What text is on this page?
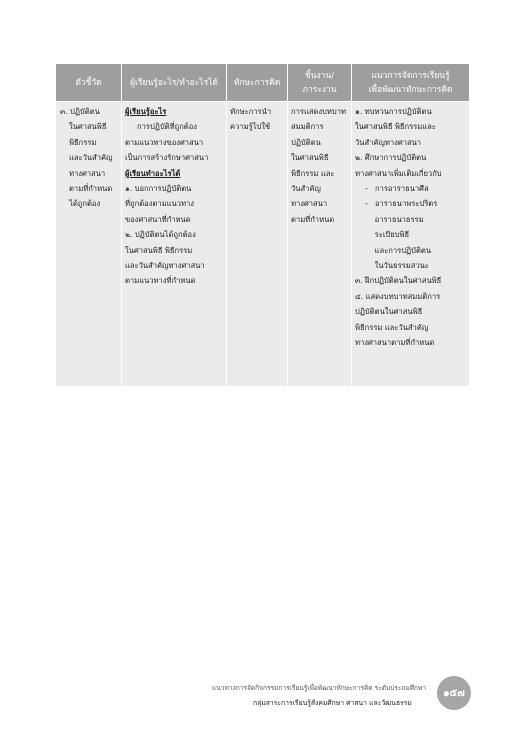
ตัวชี้วัด	ผู้เรียนรู้อะไร/ทำอะไรได้	ทักษะการคิด
ชิ้นงาน/
ภาระงาน
แนวการจัดการเรียนรู้
เพื่อพัฒนาทักษะการคิด
๓. ปฏิบัติตน
ในศาสนพิธี
พิธีกรรม
และวันสำคัญ
ทางศาสนา
ตามที่กำหนด
ได้ถูกต้อง
ผู้เรียนรู้อะไร
การปฏิบัติที่ถูกต้อง
ตามแนวทางของศาสนา
เป็นการสร้างรักษาศาสนา
ผู้เรียนทำอะไรได้
๑. บอกการปฏิบัติตน
ที่ถูกต้องตามแนวทาง
ของศาสนาที่กำหนด
๒. ปฏิบัติตนได้ถูกต้อง
ในศาสนพิธี พิธีกรรม
และวันสำคัญทางศาสนา
ตามแนวทางที่กำหนด
ทักษะการนำ
ความรู้ไปใช้
การแสดงบทบาท
สมมติการ
ปฏิบัติตน
ในศาสนพิธี
พิธีกรรม และ
วันสำคัญ
ทางศาสนา
ตามที่กำหนด
๑. ทบทวนการปฏิบัติตน
ในศาสนพิธี พิธีกรรมและ
วันสำคัญทางศาสนา
๒. ศึกษาการปฏิบัติตน
ทางศาสนาเพิ่มเติมเกี่ยวกับ
-   การอาราธนาศีล
-   อาราธนาพระปริตร
อาราธนาธรรม
ระเบียบพิธี
และการปฏิบัติตน
ในวันธรรมสวนะ
๓. ฝึกปฏิบัติตนในศาสนพิธี
๔. แสดงบทบาทสมมติการ
ปฏิบัติตนในศาสนพิธี
พิธีกรรม และวันสำคัญ
ทางศาสนาตามที่กำหนด
แนวทางการจัดกิจกรรมการเรียนรู้เพื่อพัฒนาทักษะการคิด ระดับประถมศึกษา
กลุ่มสาระการเรียนรู้สังคมศึกษา ศาสนา และวัฒนธรรม
๑๕๗
